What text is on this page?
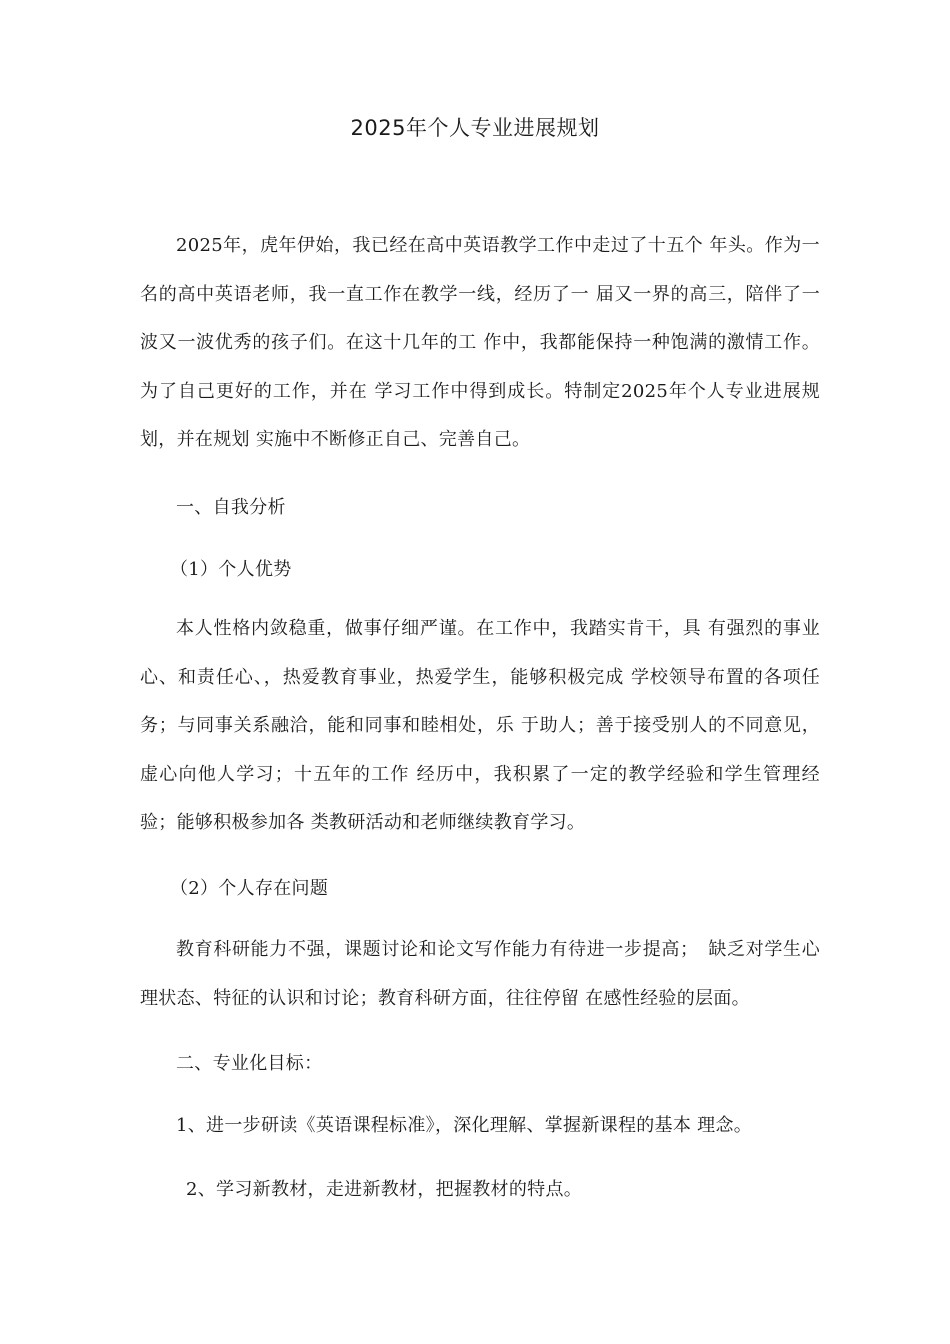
2025年个人专业进展规划
2025年，虎年伊始，我已经在高中英语教学工作中走过了十五个 年头。作为一名的高中英语老师，我一直工作在教学一线，经历了一 届又一界的高三，陪伴了一波又一波优秀的孩子们。在这十几年的工 作中，我都能保持一种饱满的激情工作。为了自己更好的工作，并在 学习工作中得到成长。特制定2025年个人专业进展规划，并在规划 实施中不断修正自己、完善自己。
一、自我分析
（1）个人优势
本人性格内敛稳重，做事仔细严谨。在工作中，我踏实肯干，具 有强烈的事业心、和责任心、，热爱教育事业，热爱学生，能够积极完成 学校领导布置的各项任务；与同事关系融洽，能和同事和睦相处，乐 于助人；善于接受别人的不同意见，虚心向他人学习；十五年的工作 经历中，我积累了一定的教学经验和学生管理经验；能够积极参加各 类教研活动和老师继续教育学习。
（2）个人存在问题
教育科研能力不强，课题讨论和论文写作能力有待进一步提高；　缺乏对学生心理状态、特征的认识和讨论；教育科研方面，往往停留 在感性经验的层面。
二、专业化目标：
1、进一步研读《英语课程标准》，深化理解、掌握新课程的基本 理念。
2、学习新教材，走进新教材，把握教材的特点。
